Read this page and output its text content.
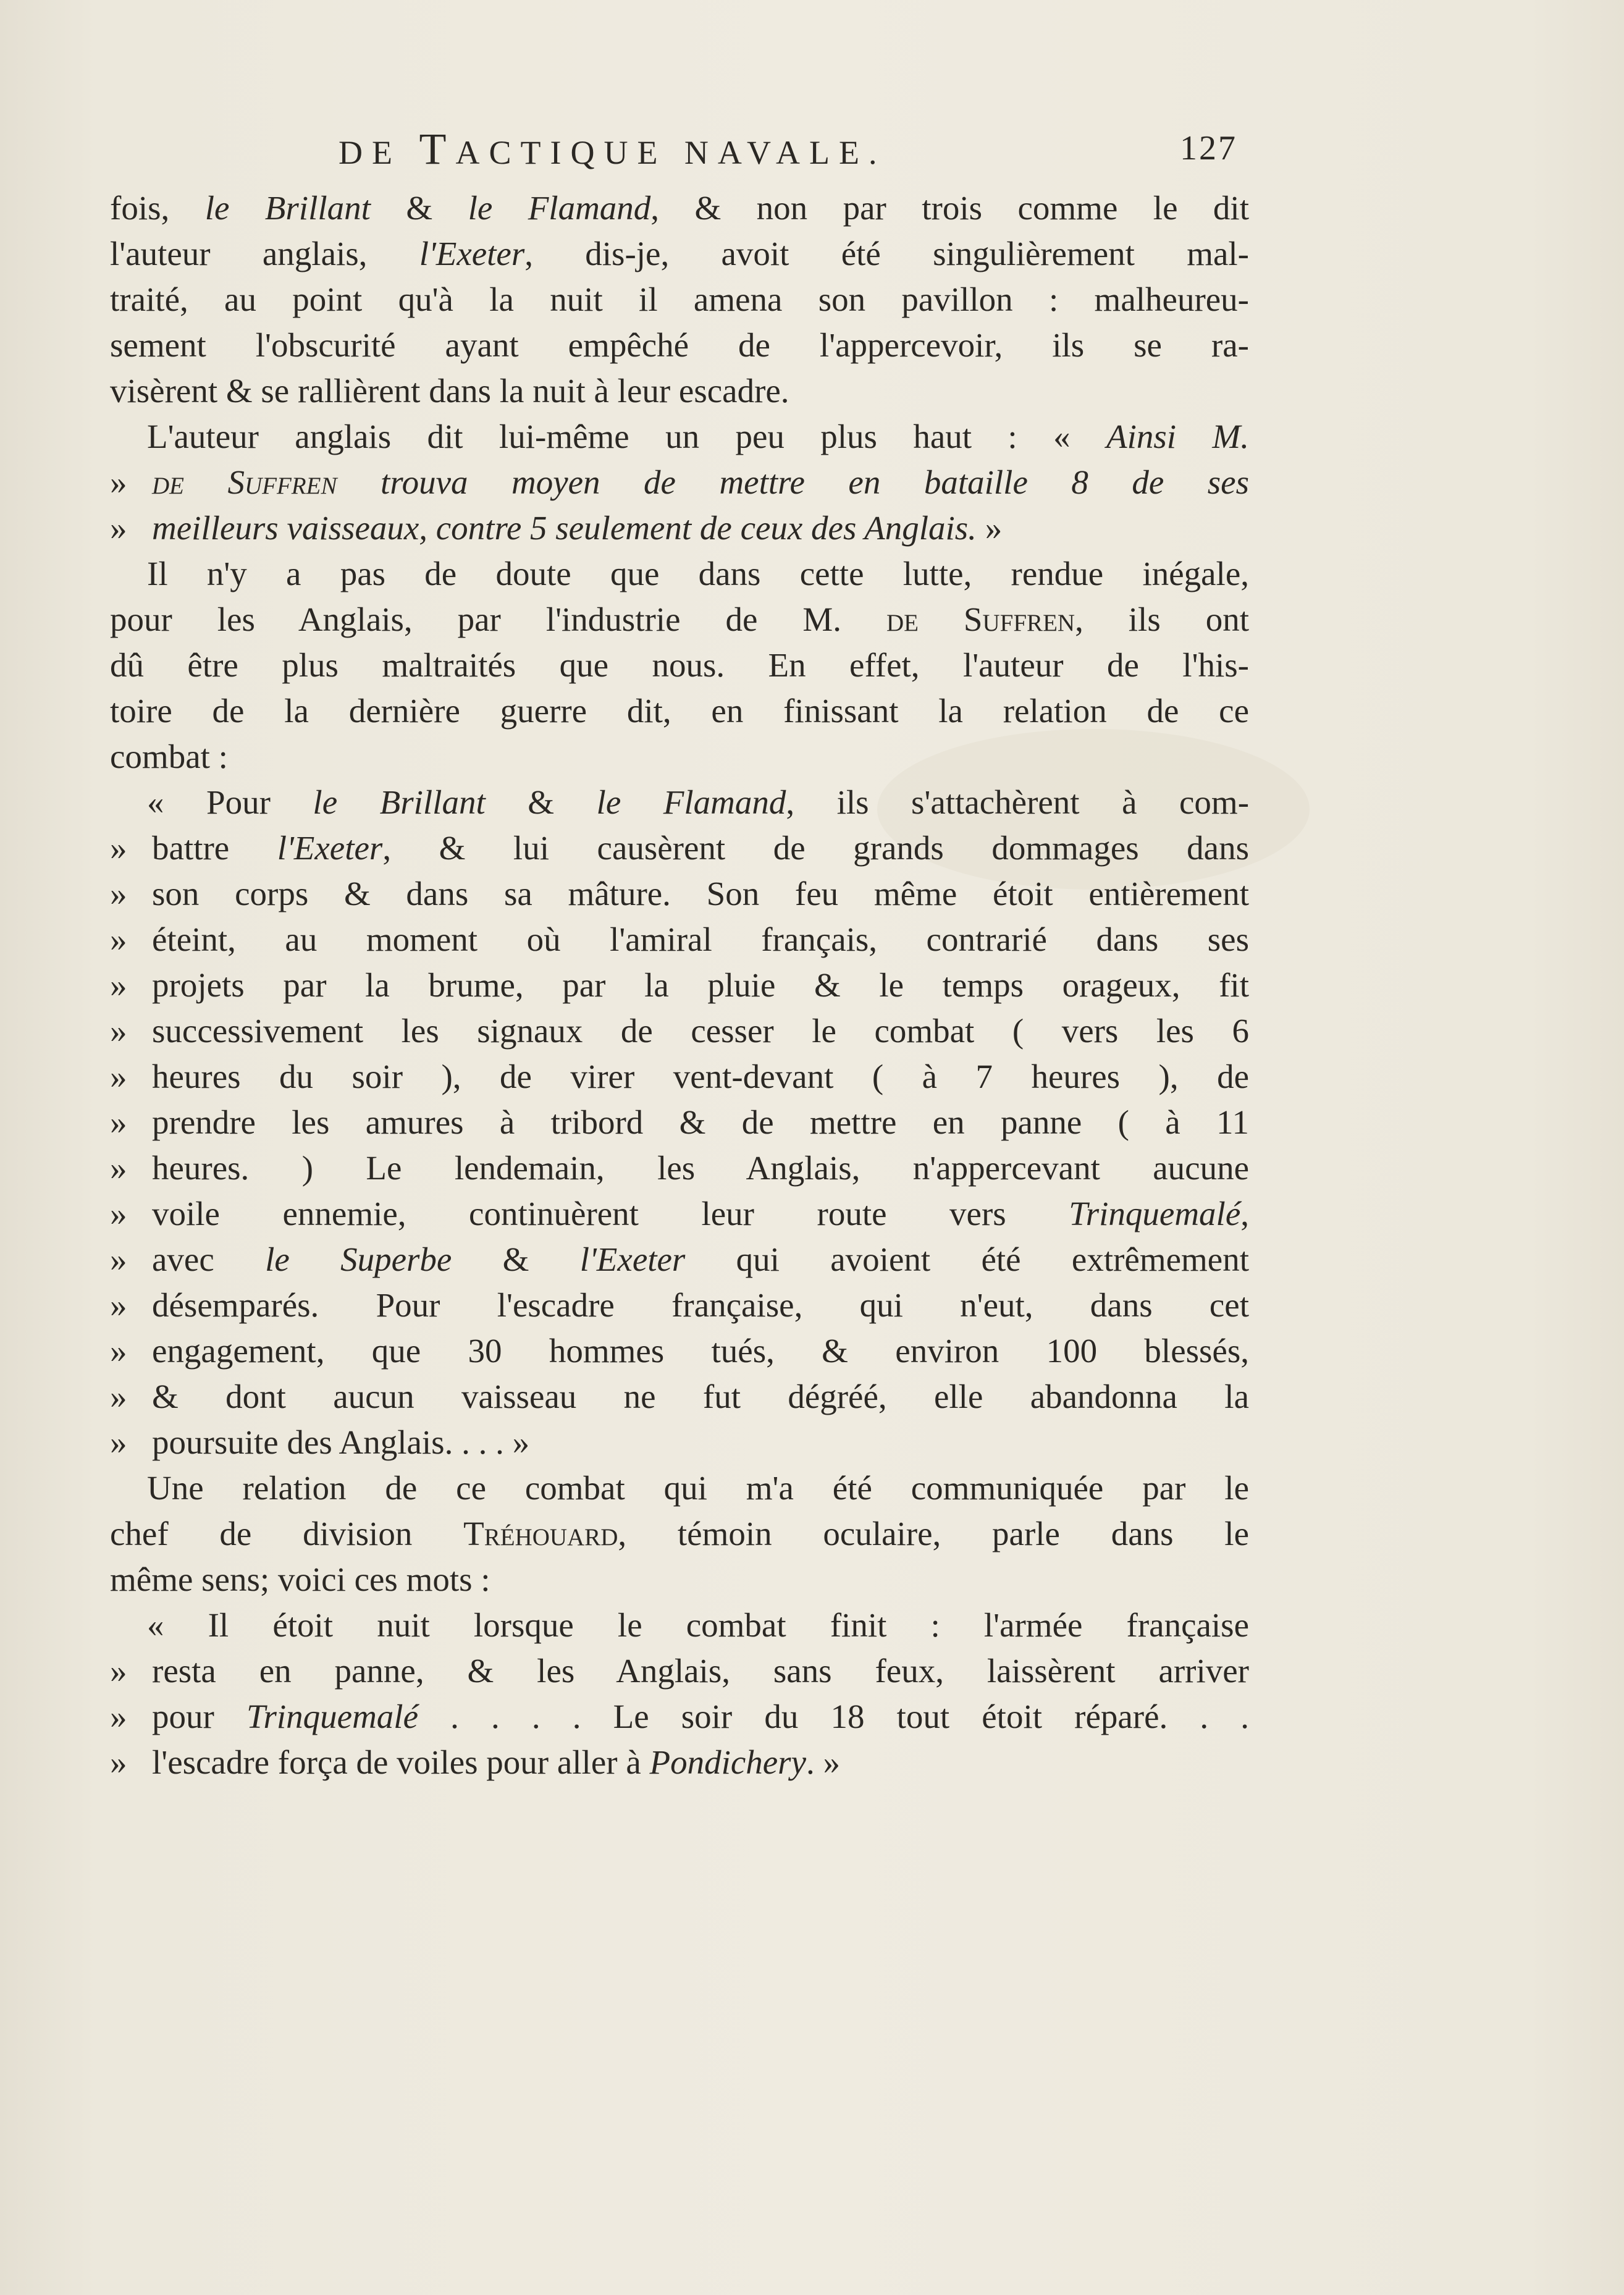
DE TACTIQUE NAVALE.	127
fois, le Brillant & le Flamand, & non par trois comme le dit
l'auteur anglais, l'Exeter, dis-je, avoit été singulièrement mal-
traité, au point qu'à la nuit il amena son pavillon : malheureu-
sement l'obscurité ayant empêché de l'appercevoir, ils se ra-
visèrent & se rallièrent dans la nuit à leur escadre.
L'auteur anglais dit lui-même un peu plus haut : « Ainsi M.
» de Suffren trouva moyen de mettre en bataille 8 de ses
» meilleurs vaisseaux, contre 5 seulement de ceux des Anglais. »
Il n'y a pas de doute que dans cette lutte, rendue inégale,
pour les Anglais, par l'industrie de M. de Suffren, ils ont
dû être plus maltraités que nous. En effet, l'auteur de l'his-
toire de la dernière guerre dit, en finissant la relation de ce
combat :
« Pour le Brillant & le Flamand, ils s'attachèrent à com-
» battre l'Exeter, & lui causèrent de grands dommages dans
» son corps & dans sa mâture. Son feu même étoit entièrement
» éteint, au moment où l'amiral français, contrarié dans ses
» projets par la brume, par la pluie & le temps orageux, fit
» successivement les signaux de cesser le combat ( vers les 6
» heures du soir ), de virer vent-devant ( à 7 heures ), de
» prendre les amures à tribord & de mettre en panne ( à 11
» heures. ) Le lendemain, les Anglais, n'appercevant aucune
» voile ennemie, continuèrent leur route vers Trinquemalé,
» avec le Superbe & l'Exeter qui avoient été extrêmement
» désemparés. Pour l'escadre française, qui n'eut, dans cet
» engagement, que 30 hommes tués, & environ 100 blessés,
» & dont aucun vaisseau ne fut dégréé, elle abandonna la
» poursuite des Anglais. . . . »
Une relation de ce combat qui m'a été communiquée par le
chef de division Tréhouard, témoin oculaire, parle dans le
même sens; voici ces mots :
« Il étoit nuit lorsque le combat finit : l'armée française
» resta en panne, & les Anglais, sans feux, laissèrent arriver
» pour Trinquemalé . . . . Le soir du 18 tout étoit réparé. . .
» l'escadre força de voiles pour aller à Pondichery. »
